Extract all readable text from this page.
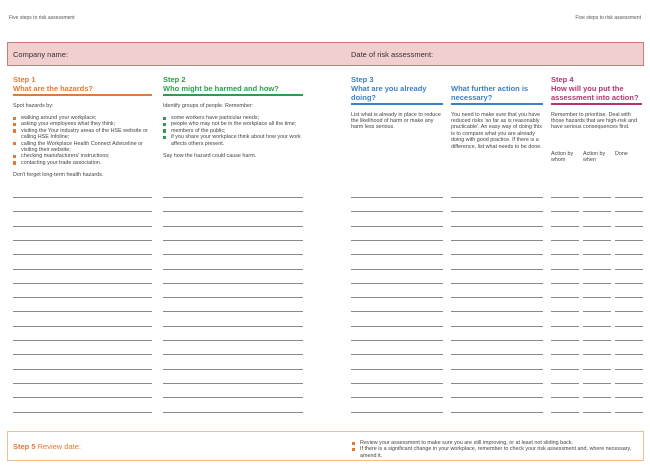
Five steps to risk assessment	Five steps to risk assessment
Company name:	Date of risk assessment:
Step 1
What are the hazards?
Spot hazards by:
walking around your workplace;
asking your employees what they think;
visiting the Your industry areas of the HSE website or calling HSE Infoline;
calling the Workplace Health Connect Adviceline or visiting their website;
checking manufacturers' instructions;
contacting your trade association.
Don't forget long-term health hazards.
Step 2
Who might be harmed and how?
Identify groups of people. Remember:
some workers have particular needs;
people who may not be in the workplace all the time;
members of the public;
if you share your workplace think about how your work affects others present.
Say how the hazard could cause harm.
Step 3
What are you already
doing?
List what is already in place to reduce the likelihood of harm or make any harm less serious.

What further action is
necessary?
You need to make sure that you have reduced risks 'so far as is reasonably practicable'. An easy way of doing this is to compare what you are already doing with good practice. If there is a difference, list what needs to be done.
Step 4
How will you put the
assessment into action?
Remember to prioritise. Deal with those hazards that are high-risk and have serious consequences first.
Action by whom
Action by when
Done
Step 5 Review date:	Review your assessment to make sure you are still improving, or at least not sliding back.
If there is a significant change in your workplace, remember to check your risk assessment and, where necessary, amend it.
